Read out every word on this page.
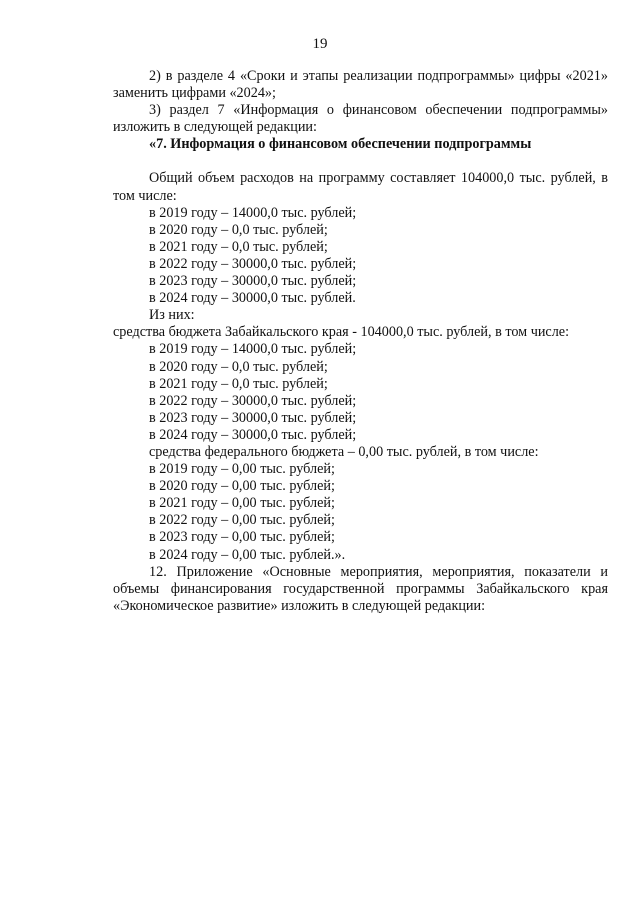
19

2) в разделе 4 «Сроки и этапы реализации подпрограммы» цифры «2021» заменить цифрами «2024»;

3) раздел 7 «Информация о финансовом обеспечении подпрограммы» изложить в следующей редакции:

«7. Информация о финансовом обеспечении подпрограммы

Общий объем расходов на программу составляет 104000,0 тыс. рублей, в том числе:

в 2019 году – 14000,0 тыс. рублей;

в 2020 году – 0,0 тыс. рублей;

в 2021 году – 0,0 тыс. рублей;

в 2022 году – 30000,0 тыс. рублей;

в 2023 году – 30000,0 тыс. рублей;

в 2024 году – 30000,0 тыс. рублей.

Из них:

средства бюджета Забайкальского края - 104000,0 тыс. рублей, в том числе:

в 2019 году – 14000,0 тыс. рублей;

в 2020 году – 0,0 тыс. рублей;

в 2021 году – 0,0 тыс. рублей;

в 2022 году – 30000,0 тыс. рублей;

в 2023 году – 30000,0 тыс. рублей;

в 2024 году – 30000,0 тыс. рублей;

средства федерального бюджета – 0,00 тыс. рублей, в том числе:

в 2019 году – 0,00 тыс. рублей;

в 2020 году – 0,00 тыс. рублей;

в 2021 году – 0,00 тыс. рублей;

в 2022 году – 0,00 тыс. рублей;

в 2023 году – 0,00 тыс. рублей;

в 2024 году – 0,00 тыс. рублей.».

12. Приложение «Основные мероприятия, мероприятия, показатели и объемы финансирования государственной программы Забайкальского края «Экономическое развитие» изложить в следующей редакции:
